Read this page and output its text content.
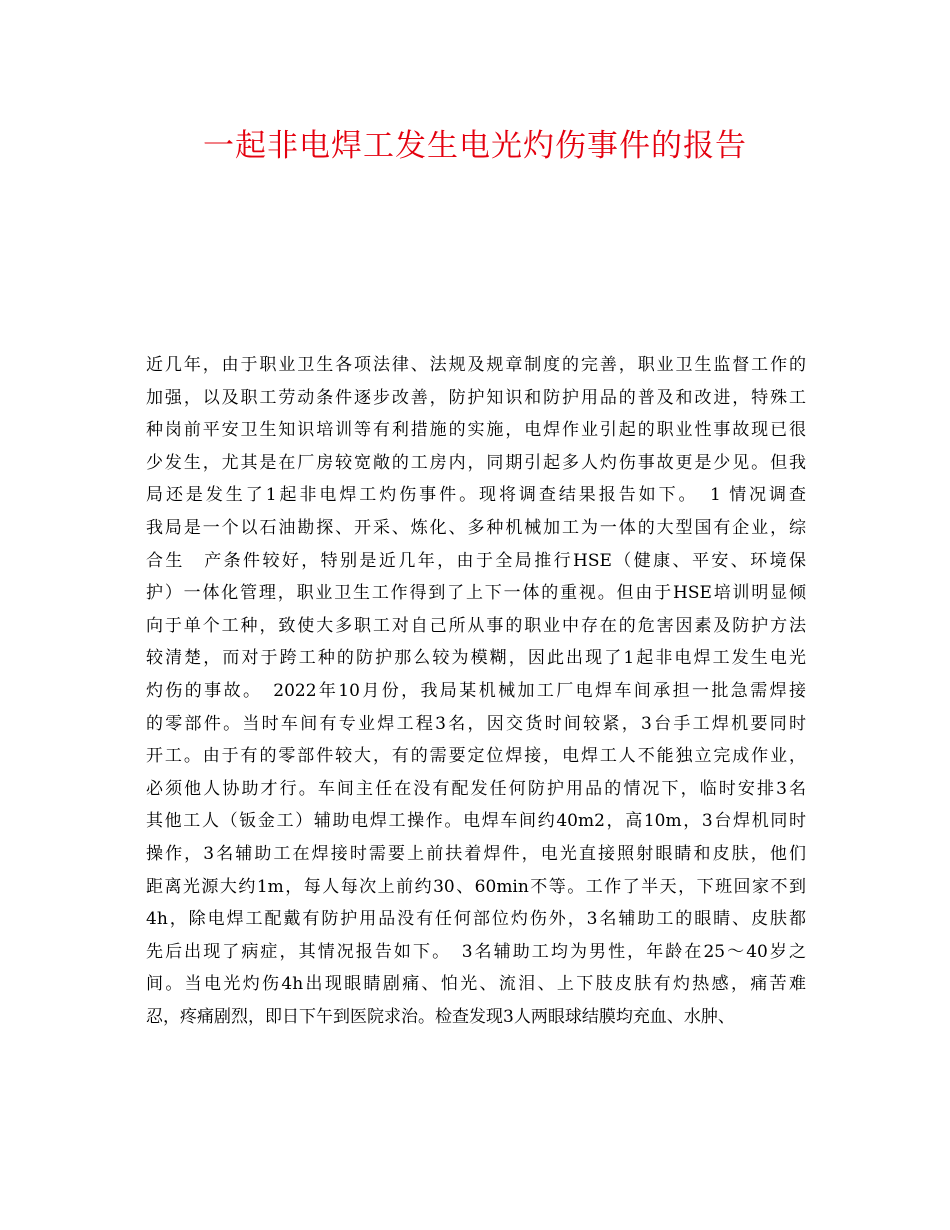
一起非电焊工发生电光灼伤事件的报告
近几年，由于职业卫生各项法律、法规及规章制度的完善，职业卫生监督工作的
加强，以及职工劳动条件逐步改善，防护知识和防护用品的普及和改进，特殊工
种岗前平安卫生知识培训等有利措施的实施，电焊作业引起的职业性事故现已很
少发生，尤其是在厂房较宽敞的工房内，同期引起多人灼伤事故更是少见。但我
局还是发生了1起非电焊工灼伤事件。现将调查结果报告如下。　1 情况调查
我局是一个以石油勘探、开采、炼化、多种机械加工为一体的大型国有企业，综
合生　产条件较好，特别是近几年，由于全局推行HSE（健康、平安、环境保
护）一体化管理，职业卫生工作得到了上下一体的重视。但由于HSE培训明显倾
向于单个工种，致使大多职工对自己所从事的职业中存在的危害因素及防护方法
较清楚，而对于跨工种的防护那么较为模糊，因此出现了1起非电焊工发生电光
灼伤的事故。　2022年10月份，我局某机械加工厂电焊车间承担一批急需焊接
的零部件。当时车间有专业焊工程3名，因交货时间较紧，3台手工焊机要同时
开工。由于有的零部件较大，有的需要定位焊接，电焊工人不能独立完成作业，
必须他人协助才行。车间主任在没有配发任何防护用品的情况下，临时安排3名
其他工人（钣金工）辅助电焊工操作。电焊车间约40m2，高10m，3台焊机同时
操作，3名辅助工在焊接时需要上前扶着焊件，电光直接照射眼睛和皮肤，他们
距离光源大约1m，每人每次上前约30、60min不等。工作了半天，下班回家不到
4h，除电焊工配戴有防护用品没有任何部位灼伤外，3名辅助工的眼睛、皮肤都
先后出现了病症，其情况报告如下。　3名辅助工均为男性，年龄在25～40岁之
间。当电光灼伤4h出现眼睛剧痛、怕光、流泪、上下肢皮肤有灼热感，痛苦难
忍，疼痛剧烈，即日下午到医院求治。检查发现3人两眼球结膜均充血、水肿、
